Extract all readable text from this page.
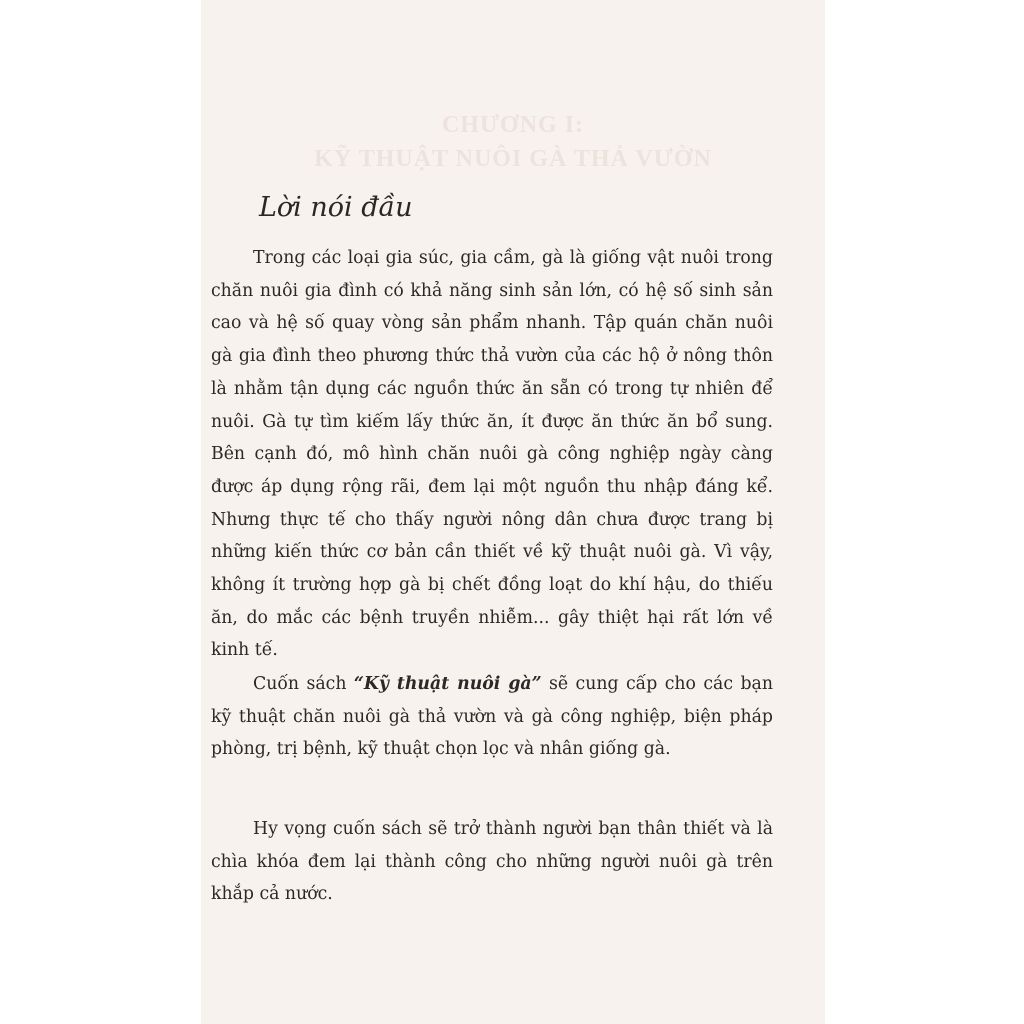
CHƯƠNG I:
KỸ THUẬT NUÔI GÀ THẢ VƯỜN
Lời nói đầu

Trong các loại gia súc, gia cầm, gà là giống vật nuôi trong chăn nuôi gia đình có khả năng sinh sản lớn, có hệ số sinh sản cao và hệ số quay vòng sản phẩm nhanh. Tập quán chăn nuôi gà gia đình theo phương thức thả vườn của các hộ ở nông thôn là nhằm tận dụng các nguồn thức ăn sẵn có trong tự nhiên để nuôi. Gà tự tìm kiếm lấy thức ăn, ít được ăn thức ăn bổ sung. Bên cạnh đó, mô hình chăn nuôi gà công nghiệp ngày càng được áp dụng rộng rãi, đem lại một nguồn thu nhập đáng kể. Nhưng thực tế cho thấy người nông dân chưa được trang bị những kiến thức cơ bản cần thiết về kỹ thuật nuôi gà. Vì vậy, không ít trường hợp gà bị chết đồng loạt do khí hậu, do thiếu ăn, do mắc các bệnh truyền nhiễm... gây thiệt hại rất lớn về kinh tế.

Cuốn sách “Kỹ thuật nuôi gà” sẽ cung cấp cho các bạn kỹ thuật chăn nuôi gà thả vườn và gà công nghiệp, biện pháp phòng, trị bệnh, kỹ thuật chọn lọc và nhân giống gà.

Hy vọng cuốn sách sẽ trở thành người bạn thân thiết và là chìa khóa đem lại thành công cho những người nuôi gà trên khắp cả nước.
